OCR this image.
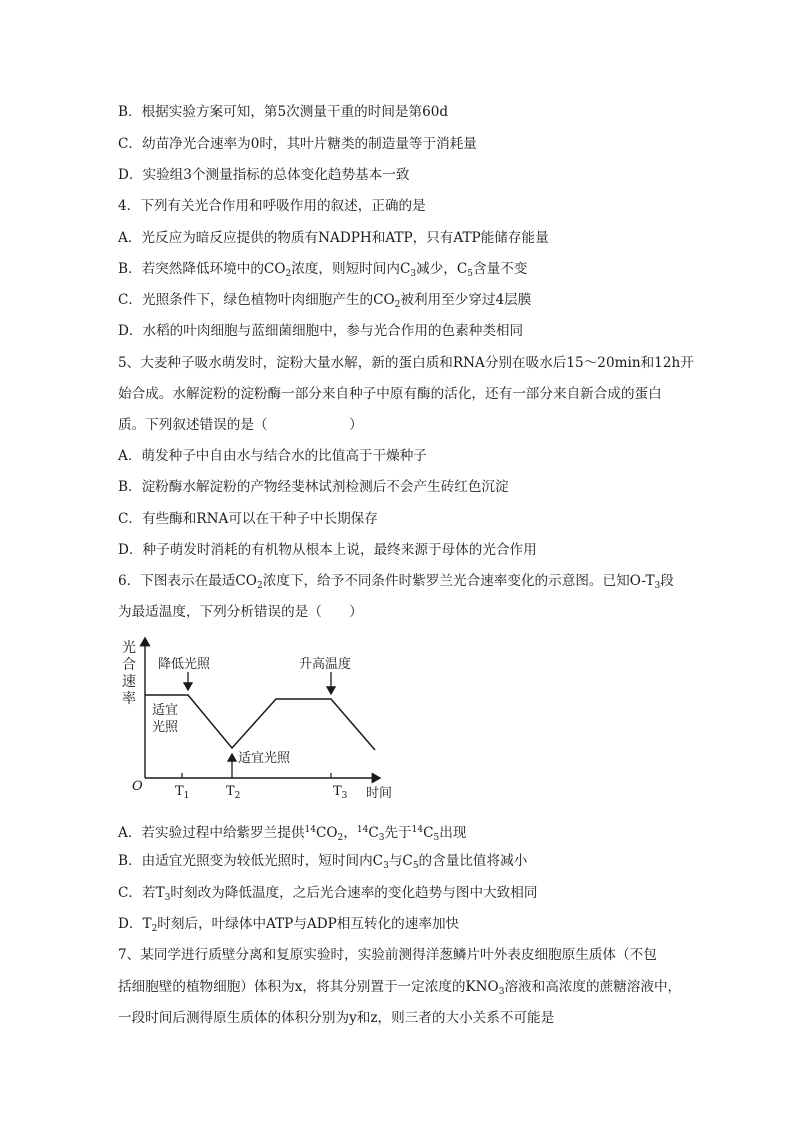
B．根据实验方案可知，第5次测量干重的时间是第60d
C．幼苗净光合速率为0时，其叶片糖类的制造量等于消耗量
D．实验组3个测量指标的总体变化趋势基本一致
4．下列有关光合作用和呼吸作用的叙述，正确的是
A．光反应为暗反应提供的物质有NADPH和ATP，只有ATP能储存能量
B．若突然降低环境中的$CO_2$浓度，则短时间内$C_3$减少，$C_5$含量不变
C．光照条件下，绿色植物叶肉细胞产生的$CO_2$被利用至少穿过4层膜
D．水稻的叶肉细胞与蓝细菌细胞中，参与光合作用的色素种类相同
5、大麦种子吸水萌发时，淀粉大量水解，新的蛋白质和RNA分别在吸水后15～20min和12h开
始合成。水解淀粉的淀粉酶一部分来自种子中原有酶的活化，还有一部分来自新合成的蛋白
质。下列叙述错误的是（　　　　　　）
A．萌发种子中自由水与结合水的比值高于干燥种子
B．淀粉酶水解淀粉的产物经斐林试剂检测后不会产生砖红色沉淀
C．有些酶和RNA可以在干种子中长期保存
D．种子萌发时消耗的有机物从根本上说，最终来源于母体的光合作用
6．下图表示在最适$CO_2$浓度下，给予不同条件时紫罗兰光合速率变化的示意图。已知$O-T_3$段
为最适温度，下列分析错误的是（　　）
光
合
速
率
O $T_1$	$T_2$	$T_3$ 时间
降低光照	升高温度
适宜
光照
适宜光照
A．若实验过程中给紫罗兰提供$^{14}CO_2$，$^{14}C_3$先于$^{14}C_5$出现
B．由适宜光照变为较低光照时，短时间内$C_3$与$C_5$的含量比值将减小
C．若$T_3$时刻改为降低温度，之后光合速率的变化趋势与图中大致相同
D．$T_2$时刻后，叶绿体中ATP与ADP相互转化的速率加快
7、某同学进行质壁分离和复原实验时，实验前测得洋葱鳞片叶外表皮细胞原生质体（不包
括细胞壁的植物细胞）体积为x，将其分别置于一定浓度的$KNO_3$溶液和高浓度的蔗糖溶液中，
一段时间后测得原生质体的体积分别为y和z，则三者的大小关系不可能是
